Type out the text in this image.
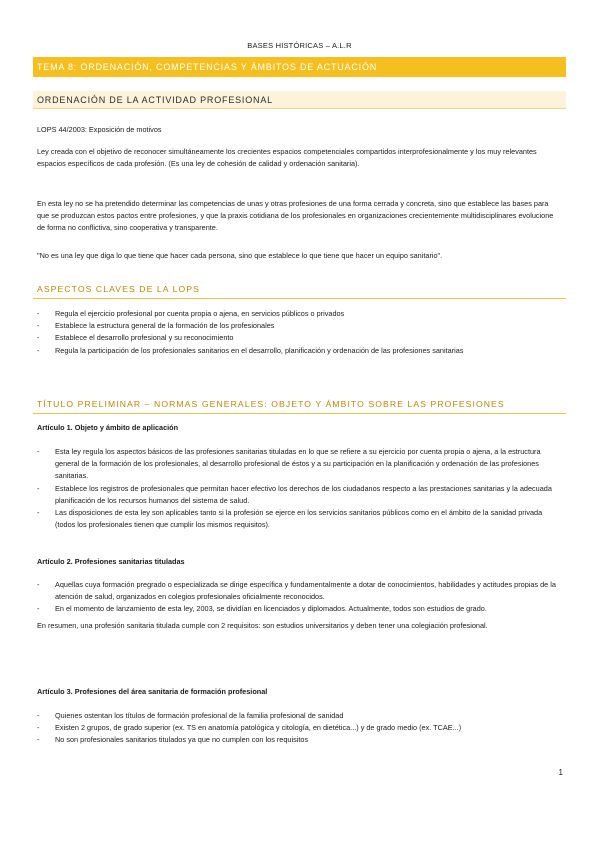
BASES HISTÓRICAS – A.L.R
TEMA 8: ORDENACIÓN, COMPETENCIAS Y ÁMBITOS DE ACTUACIÓN
ORDENACIÓN DE LA ACTIVIDAD PROFESIONAL
LOPS 44/2003: Exposición de motivos
Ley creada con el objetivo de reconocer simultáneamente los crecientes espacios competenciales compartidos interprofesionalmente y los muy relevantes espacios específicos de cada profesión. (Es una ley de cohesión de calidad y ordenación sanitaria).
En esta ley no se ha pretendido determinar las competencias de unas y otras profesiones de una forma cerrada y concreta, sino que establece las bases para que se produzcan estos pactos entre profesiones, y que la praxis cotidiana de los profesionales en organizaciones crecientemente multidisciplinares evolucione de forma no conflictiva, sino cooperativa y transparente.
"No es una ley que diga lo que tiene que hacer cada persona, sino que establece lo que tiene que hacer un equipo sanitario".
ASPECTOS CLAVES DE LA LOPS
- Regula el ejercicio profesional por cuenta propia o ajena, en servicios públicos o privados
- Establece la estructura general de la formación de los profesionales
- Establece el desarrollo profesional y su reconocimiento
- Regula la participación de los profesionales sanitarios en el desarrollo, planificación y ordenación de las profesiones sanitarias
TÍTULO PRELIMINAR – NORMAS GENERALES: OBJETO Y ÁMBITO SOBRE LAS PROFESIONES
Artículo 1. Objeto y ámbito de aplicación
- Esta ley regula los aspectos básicos de las profesiones sanitarias tituladas en lo que se refiere a su ejercicio por cuenta propia o ajena, a la estructura general de la formación de los profesionales, al desarrollo profesional de éstos y a su participación en la planificación y ordenación de las profesiones sanitarias.
- Establece los registros de profesionales que permitan hacer efectivo los derechos de los ciudadanos respecto a las prestaciones sanitarias y la adecuada planificación de los recursos humanos del sistema de salud.
- Las disposiciones de esta ley son aplicables tanto si la profesión se ejerce en los servicios sanitarios públicos como en el ámbito de la sanidad privada (todos los profesionales tienen que cumplir los mismos requisitos).
Artículo 2. Profesiones sanitarias tituladas
- Aquellas cuya formación pregrado o especializada se dirige específica y fundamentalmente a dotar de conocimientos, habilidades y actitudes propias de la atención de salud, organizados en colegios profesionales oficialmente reconocidos.
- En el momento de lanzamiento de esta ley, 2003, se dividían en licenciados y diplomados. Actualmente, todos son estudios de grado.
En resumen, una profesión sanitaria titulada cumple con 2 requisitos: son estudios universitarios y deben tener una colegiación profesional.
Artículo 3. Profesiones del área sanitaria de formación profesional
- Quienes ostentan los títulos de formación profesional de la familia profesional de sanidad
- Existen 2 grupos, de grado superior (ex. TS en anatomía patológica y citología, en dietética...) y de grado medio (ex. TCAE...)
- No son profesionales sanitarios titulados ya que no cumplen con los requisitos
1
